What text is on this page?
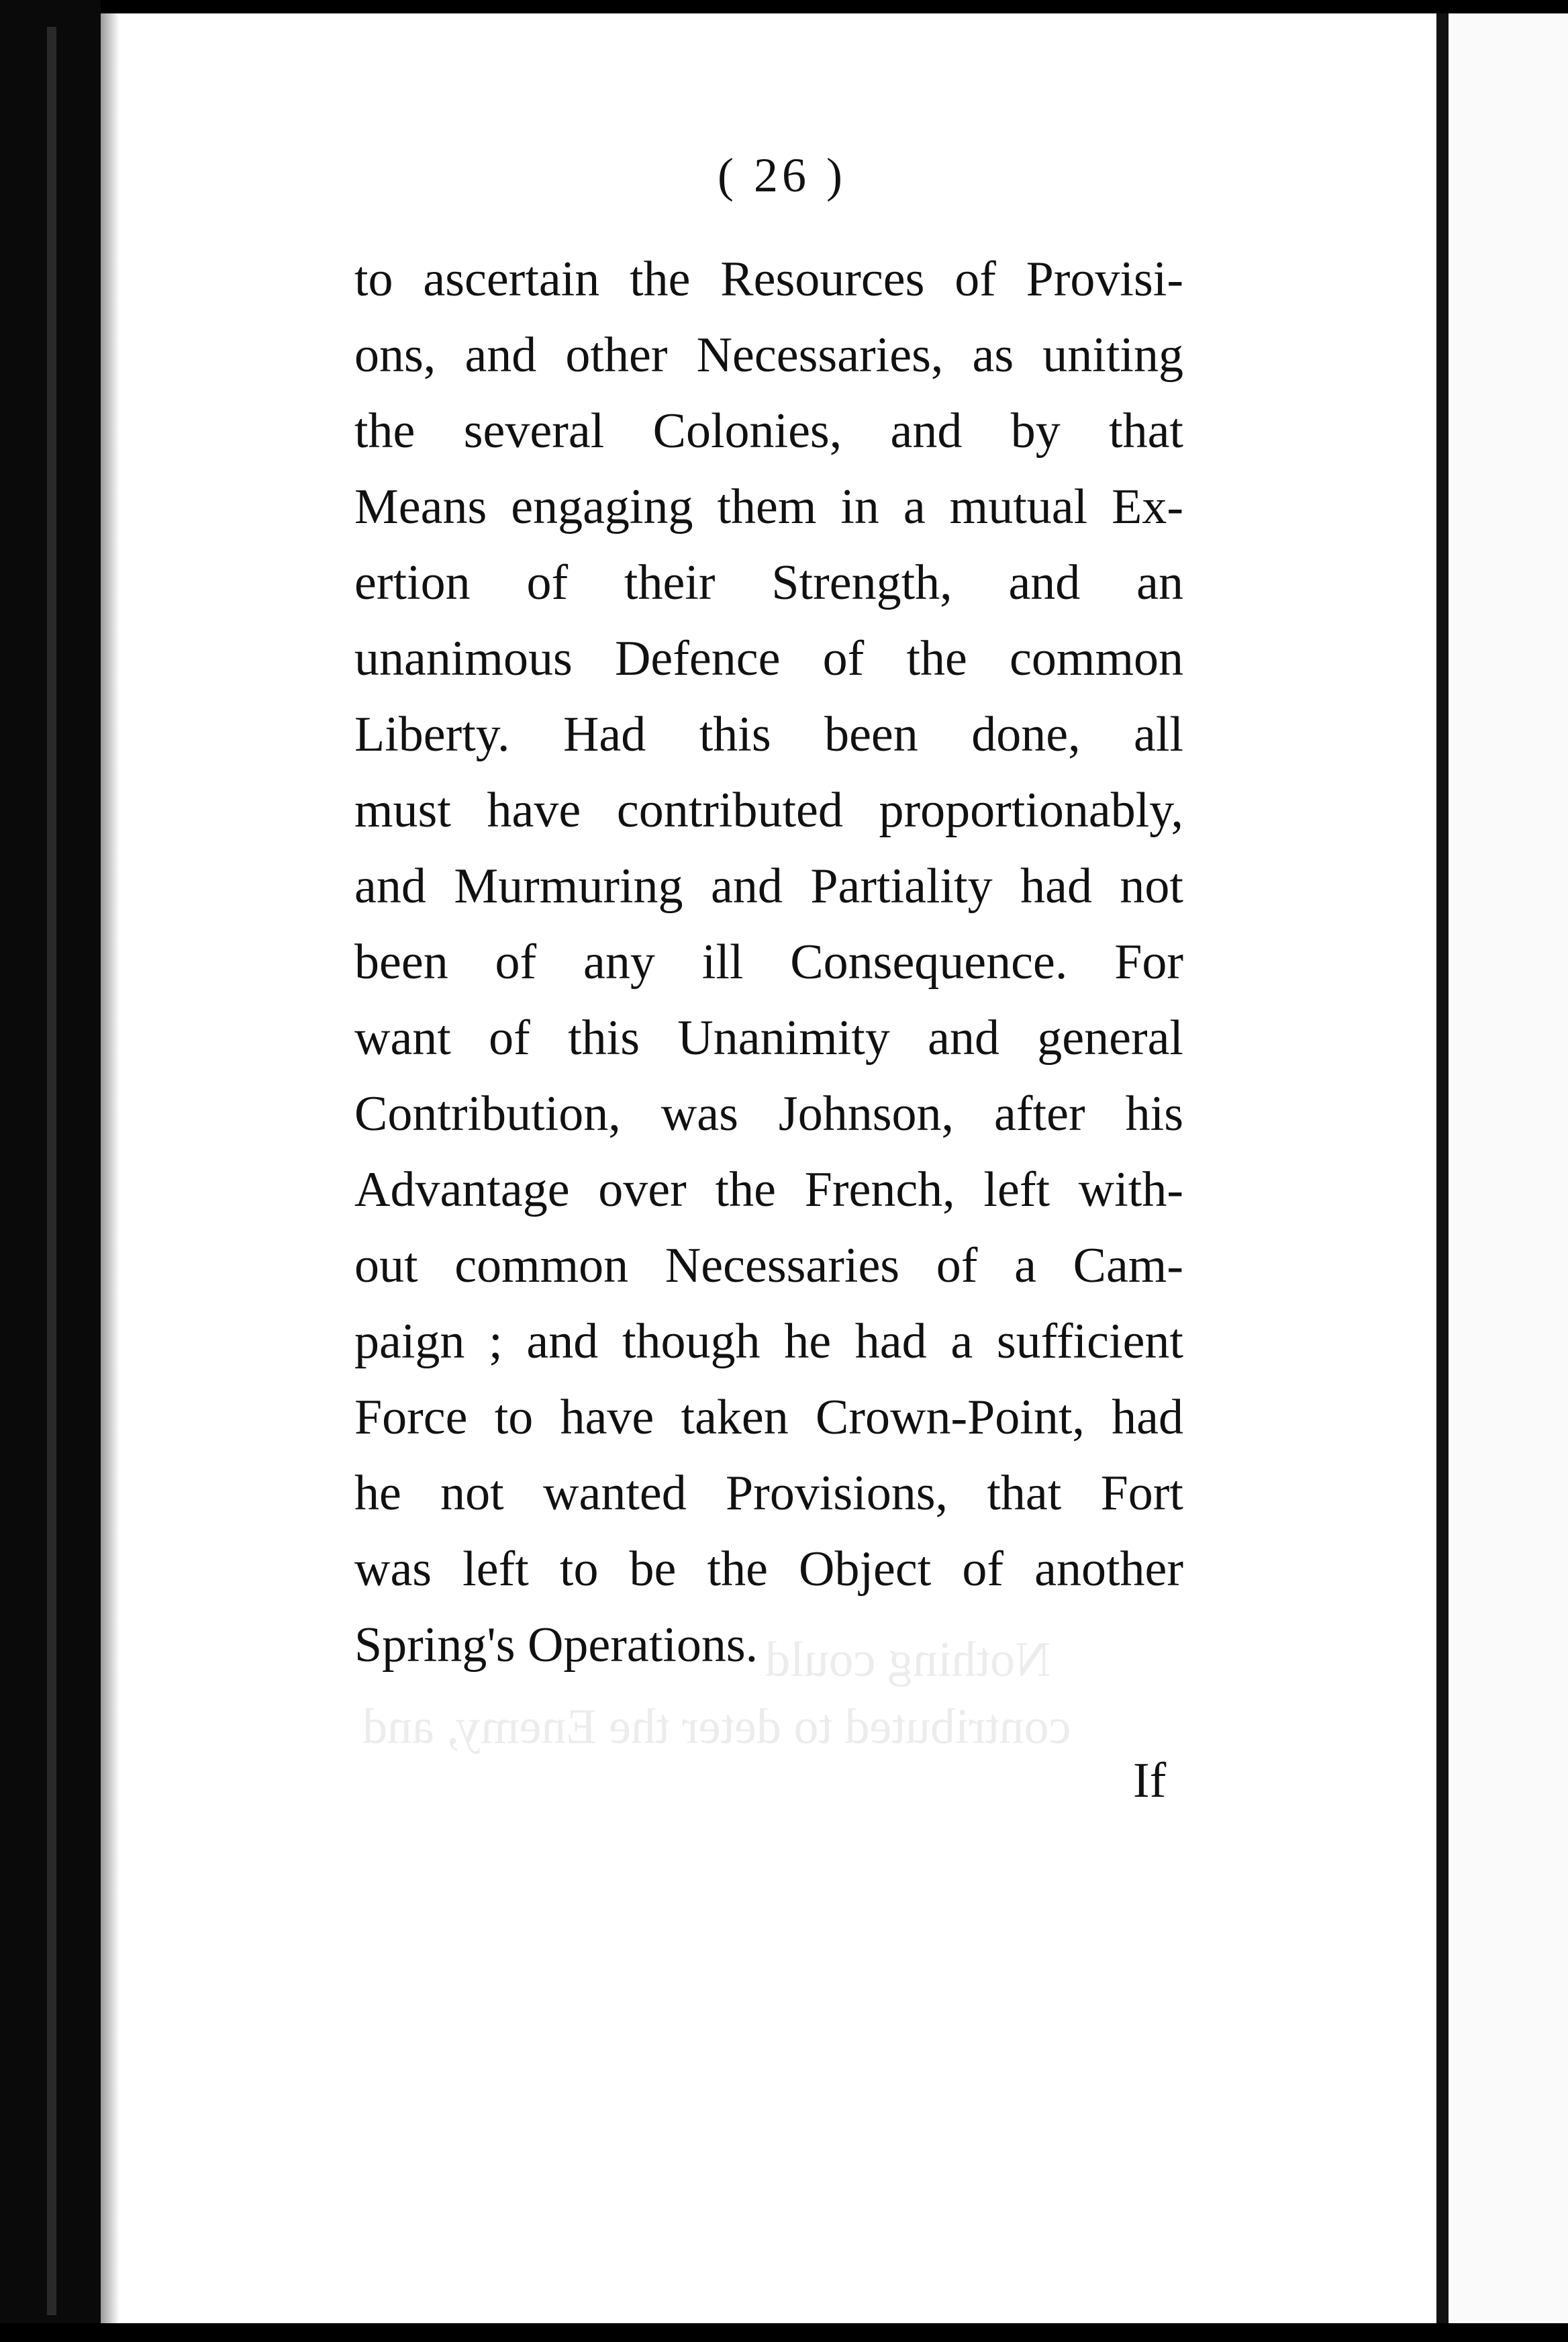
Nothing could
contributed to deter the Enemy, and
( 26 )
to ascertain the Resources of Provisi-
ons, and other Necessaries, as uniting
the several Colonies, and by that
Means engaging them in a mutual Ex-
ertion of their Strength, and an
unanimous Defence of the common
Liberty. Had this been done, all
must have contributed proportionably,
and Murmuring and Partiality had not
been of any ill Consequence. For
want of this Unanimity and general
Contribution, was Johnson, after his
Advantage over the French, left with-
out common Necessaries of a Cam-
paign ; and though he had a sufficient
Force to have taken Crown-Point, had
he not wanted Provisions, that Fort
was left to be the Object of another
Spring's Operations.
If
